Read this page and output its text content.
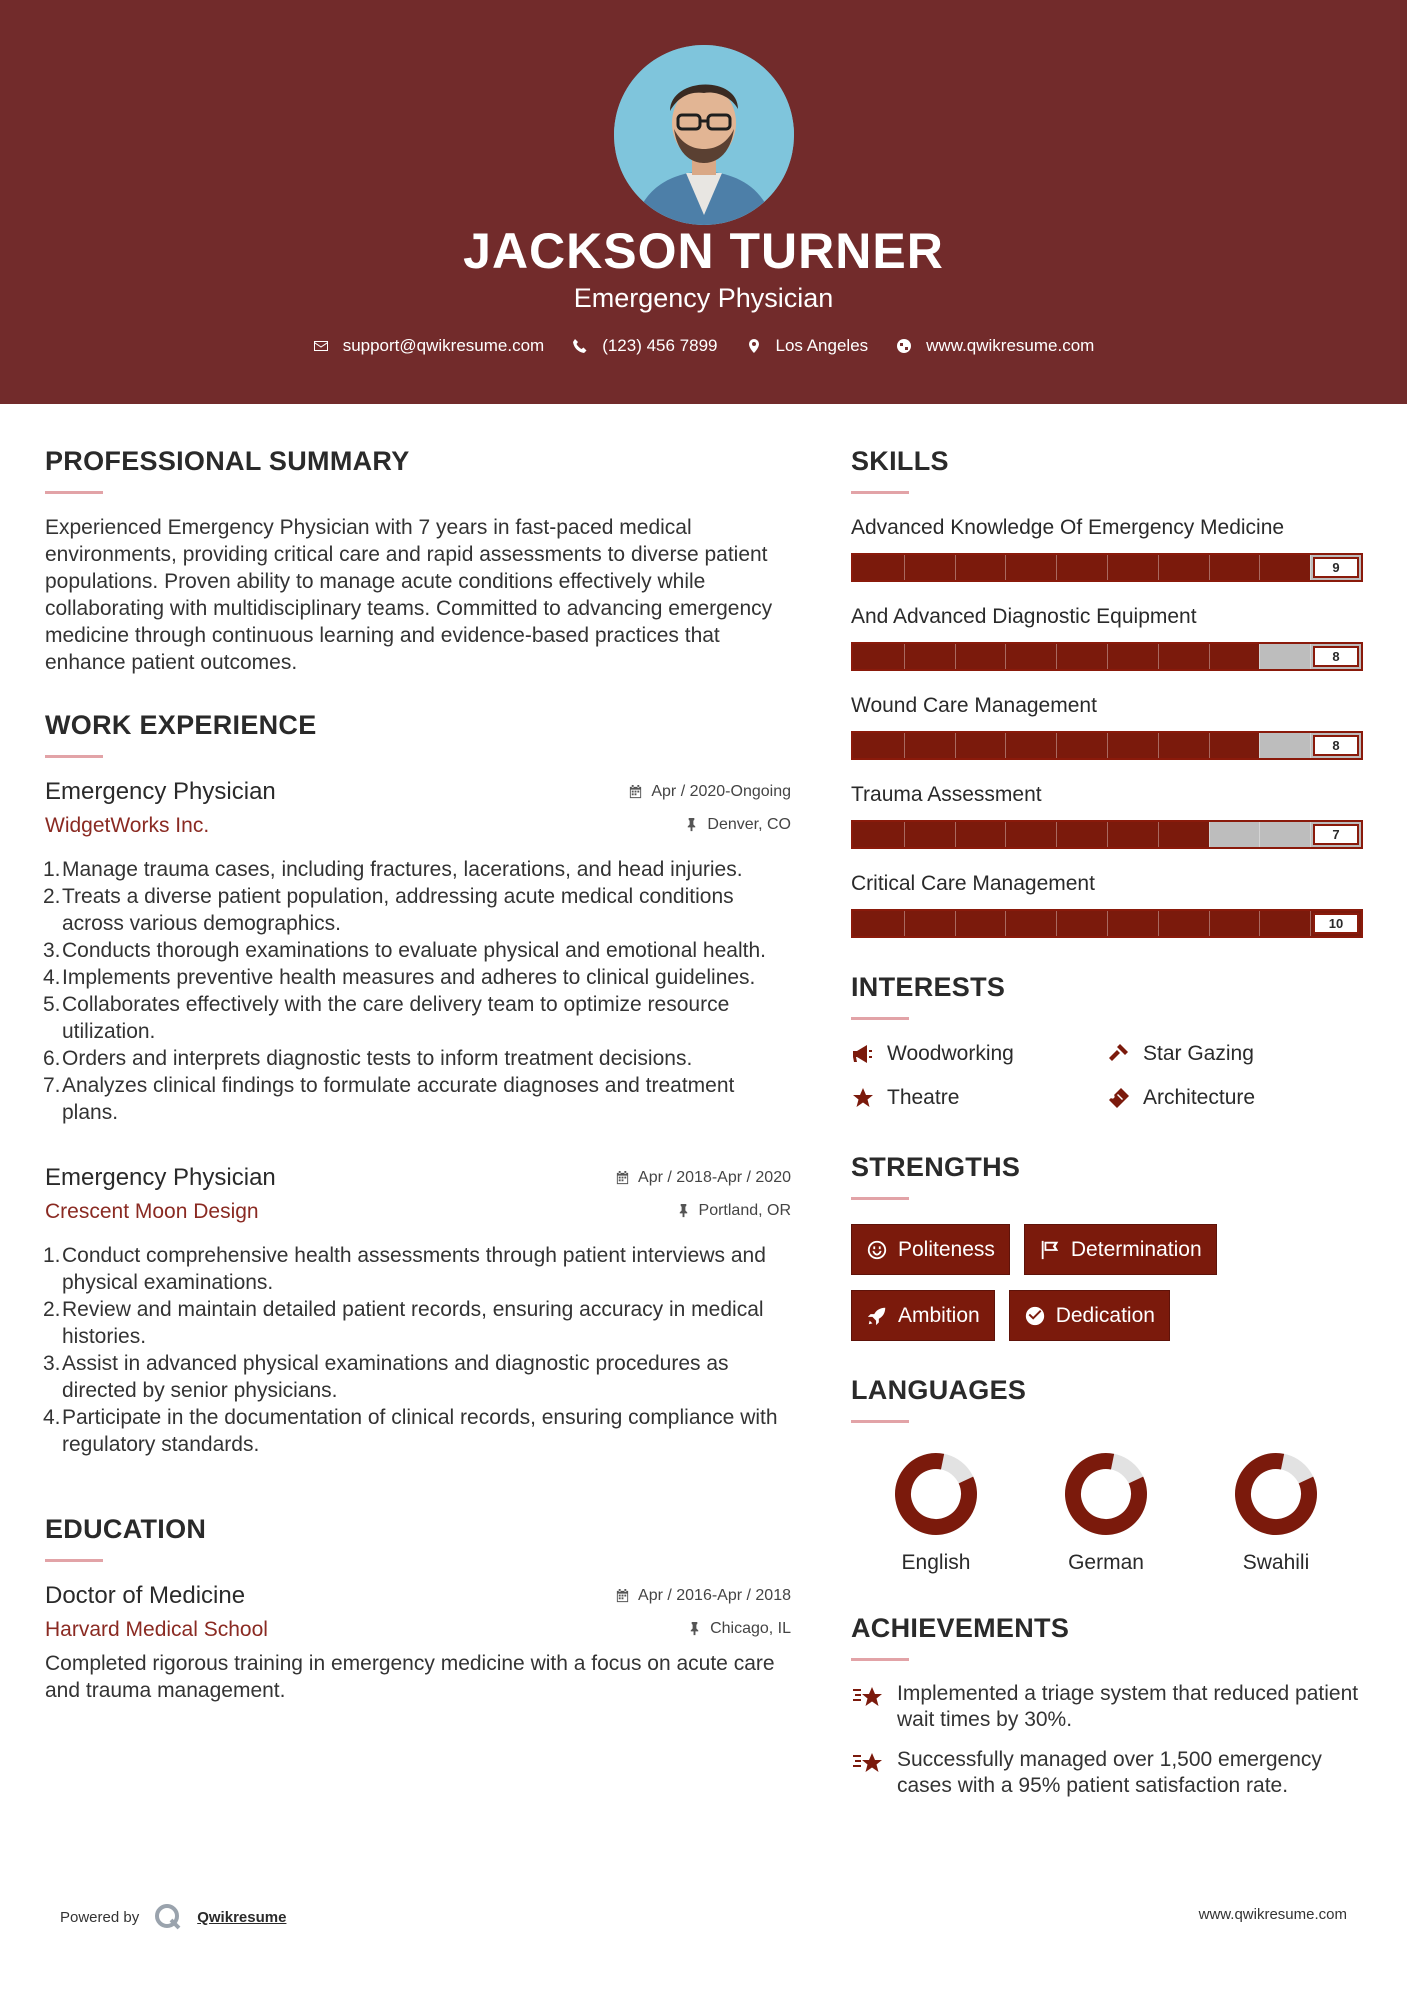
JACKSON TURNER
Emergency Physician
support@qwikresume.com	(123) 456 7899	Los Angeles	www.qwikresume.com
PROFESSIONAL SUMMARY

Experienced Emergency Physician with 7 years in fast-paced medical environments, providing critical care and rapid assessments to diverse patient populations. Proven ability to manage acute conditions effectively while collaborating with multidisciplinary teams. Committed to advancing emergency medicine through continuous learning and evidence-based practices that enhance patient outcomes.

WORK EXPERIENCE
Emergency Physician	Apr / 2020-Ongoing
WidgetWorks Inc.	Denver, CO
1. Manage trauma cases, including fractures, lacerations, and head injuries.
2. Treats a diverse patient population, addressing acute medical conditions across various demographics.
3. Conducts thorough examinations to evaluate physical and emotional health.
4. Implements preventive health measures and adheres to clinical guidelines.
5. Collaborates effectively with the care delivery team to optimize resource utilization.
6. Orders and interprets diagnostic tests to inform treatment decisions.
7. Analyzes clinical findings to formulate accurate diagnoses and treatment plans.
Emergency Physician	Apr / 2018-Apr / 2020
Crescent Moon Design	Portland, OR
1. Conduct comprehensive health assessments through patient interviews and physical examinations.
2. Review and maintain detailed patient records, ensuring accuracy in medical histories.
3. Assist in advanced physical examinations and diagnostic procedures as directed by senior physicians.
4. Participate in the documentation of clinical records, ensuring compliance with regulatory standards.
EDUCATION
Doctor of Medicine	Apr / 2016-Apr / 2018
Harvard Medical School	Chicago, IL

Completed rigorous training in emergency medicine with a focus on acute care and trauma management.

SKILLS
Advanced Knowledge Of Emergency Medicine
9
And Advanced Diagnostic Equipment
8
Wound Care Management
8
Trauma Assessment
7
Critical Care Management
10
INTERESTS
Woodworking	Star Gazing
Theatre	Architecture
STRENGTHS
Politeness	Determination
Ambition	Dedication
LANGUAGES
English	German	Swahili
ACHIEVEMENTS
Implemented a triage system that reduced patient wait times by 30%.
Successfully managed over 1,500 emergency cases with a 95% patient satisfaction rate.
Powered by	Qwikresume	www.qwikresume.com
